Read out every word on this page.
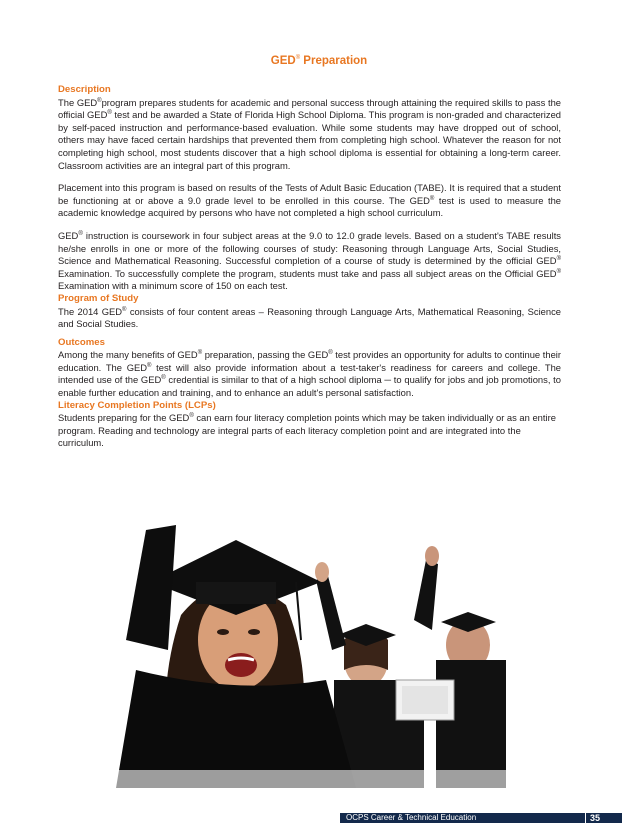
GED® Preparation
Description

The GED®program prepares students for academic and personal success through attaining the required skills to pass the official GED® test and be awarded a State of Florida High School Diploma. This program is non-graded and characterized by self-paced instruction and performance-based evaluation. While some students may have dropped out of school, others may have faced certain hardships that prevented them from completing high school. Whatever the reason for not completing high school, most students discover that a high school diploma is essential for obtaining a long-term career. Classroom activities are an integral part of this program.

Placement into this program is based on results of the Tests of Adult Basic Education (TABE). It is required that a student be functioning at or above a 9.0 grade level to be enrolled in this course. The GED® test is used to measure the academic knowledge acquired by persons who have not completed a high school curriculum.

GED® instruction is coursework in four subject areas at the 9.0 to 12.0 grade levels. Based on a student's TABE results he/she enrolls in one or more of the following courses of study: Reasoning through Language Arts, Social Studies, Science and Mathematical Reasoning. Successful completion of a course of study is determined by the official GED® Examination. To successfully complete the program, students must take and pass all subject areas on the Official GED® Examination with a minimum score of 150 on each test.

Program of Study

The 2014 GED® consists of four content areas – Reasoning through Language Arts, Mathematical Reasoning, Science and Social Studies.

Outcomes

Among the many benefits of GED® preparation, passing the GED® test provides an opportunity for adults to continue their education. The GED® test will also provide information about a test-taker's readiness for careers and college. The intended use of the GED® credential is similar to that of a high school diploma ─ to qualify for jobs and job promotions, to enable further education and training, and to enhance an adult's personal satisfaction.

Literacy Completion Points (LCPs)

Students preparing for the GED® can earn four literacy completion points which may be taken individually or as an entire program. Reading and technology are integral parts of each literacy completion point and are integrated into the curriculum.

OCPS Career & Technical Education	35
